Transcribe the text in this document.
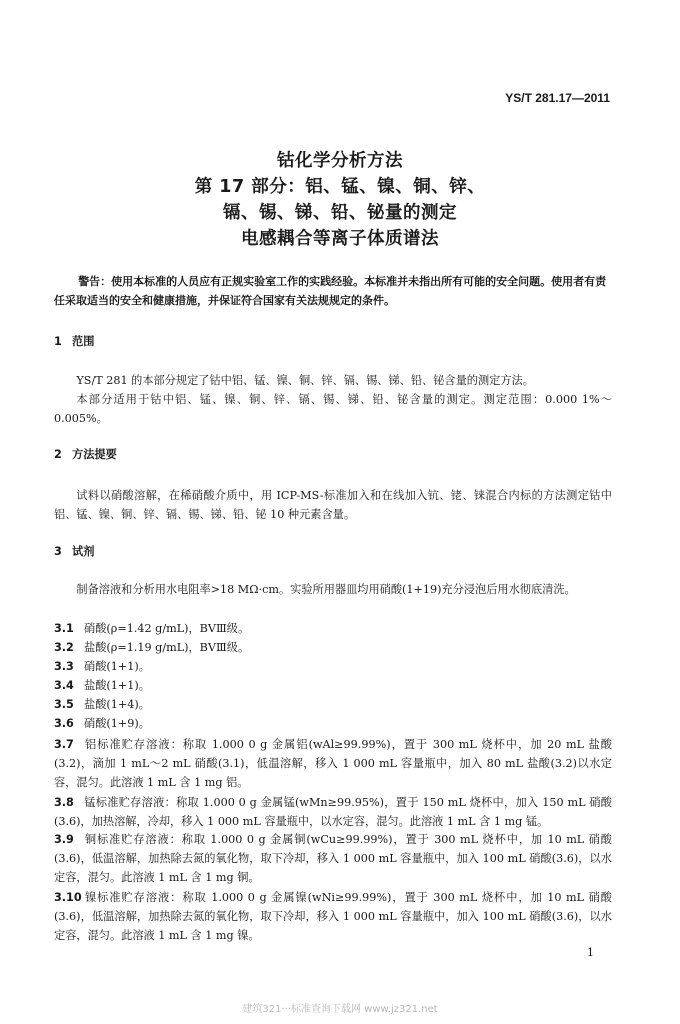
YS/T 281.17—2011
钴化学分析方法
第 17 部分：铝、锰、镍、铜、锌、
镉、锡、锑、铅、铋量的测定
电感耦合等离子体质谱法
警告：使用本标准的人员应有正规实验室工作的实践经验。本标准并未指出所有可能的安全问题。使用者有责任采取适当的安全和健康措施，并保证符合国家有关法规规定的条件。
1 范围
YS/T 281 的本部分规定了钴中铝、锰、镍、铜、锌、镉、锡、锑、铅、铋含量的测定方法。
本部分适用于钴中铝、锰、镍、铜、锌、镉、锡、锑、铅、铋含量的测定。测定范围：0.000 1%～0.005%。
2 方法提要
试料以硝酸溶解，在稀硝酸介质中，用 ICP-MS-标准加入和在线加入钪、铑、铼混合内标的方法测定钴中铝、锰、镍、铜、锌、镉、锡、锑、铅、铋 10 种元素含量。
3 试剂
制备溶液和分析用水电阻率>18 MΩ·cm。实验所用器皿均用硝酸(1+19)充分浸泡后用水彻底清洗。
3.1 硝酸(ρ=1.42 g/mL)，BVⅢ级。
3.2 盐酸(ρ=1.19 g/mL)，BVⅢ级。
3.3 硝酸(1+1)。
3.4 盐酸(1+1)。
3.5 盐酸(1+4)。
3.6 硝酸(1+9)。
3.7 铝标准贮存溶液：称取 1.000 0 g 金属铝(wAl≥99.99%)，置于 300 mL 烧杯中，加 20 mL 盐酸(3.2)，滴加 1 mL～2 mL 硝酸(3.1)，低温溶解，移入 1 000 mL 容量瓶中，加入 80 mL 盐酸(3.2)以水定容，混匀。此溶液 1 mL 含 1 mg 铝。
3.8 锰标准贮存溶液：称取 1.000 0 g 金属锰(wMn≥99.95%)，置于 150 mL 烧杯中，加入 150 mL 硝酸(3.6)，加热溶解，冷却，移入 1 000 mL 容量瓶中，以水定容，混匀。此溶液 1 mL 含 1 mg 锰。
3.9 铜标准贮存溶液：称取 1.000 0 g 金属铜(wCu≥99.99%)，置于 300 mL 烧杯中，加 10 mL 硝酸(3.6)，低温溶解，加热除去氮的氧化物，取下冷却，移入 1 000 mL 容量瓶中，加入 100 mL 硝酸(3.6)，以水定容，混匀。此溶液 1 mL 含 1 mg 铜。
3.10 镍标准贮存溶液：称取 1.000 0 g 金属镍(wNi≥99.99%)，置于 300 mL 烧杯中，加 10 mL 硝酸(3.6)，低温溶解，加热除去氮的氧化物，取下冷却，移入 1 000 mL 容量瓶中，加入 100 mL 硝酸(3.6)，以水定容，混匀。此溶液 1 mL 含 1 mg 镍。
1
建筑321···标准查询下载网 www.jz321.net
